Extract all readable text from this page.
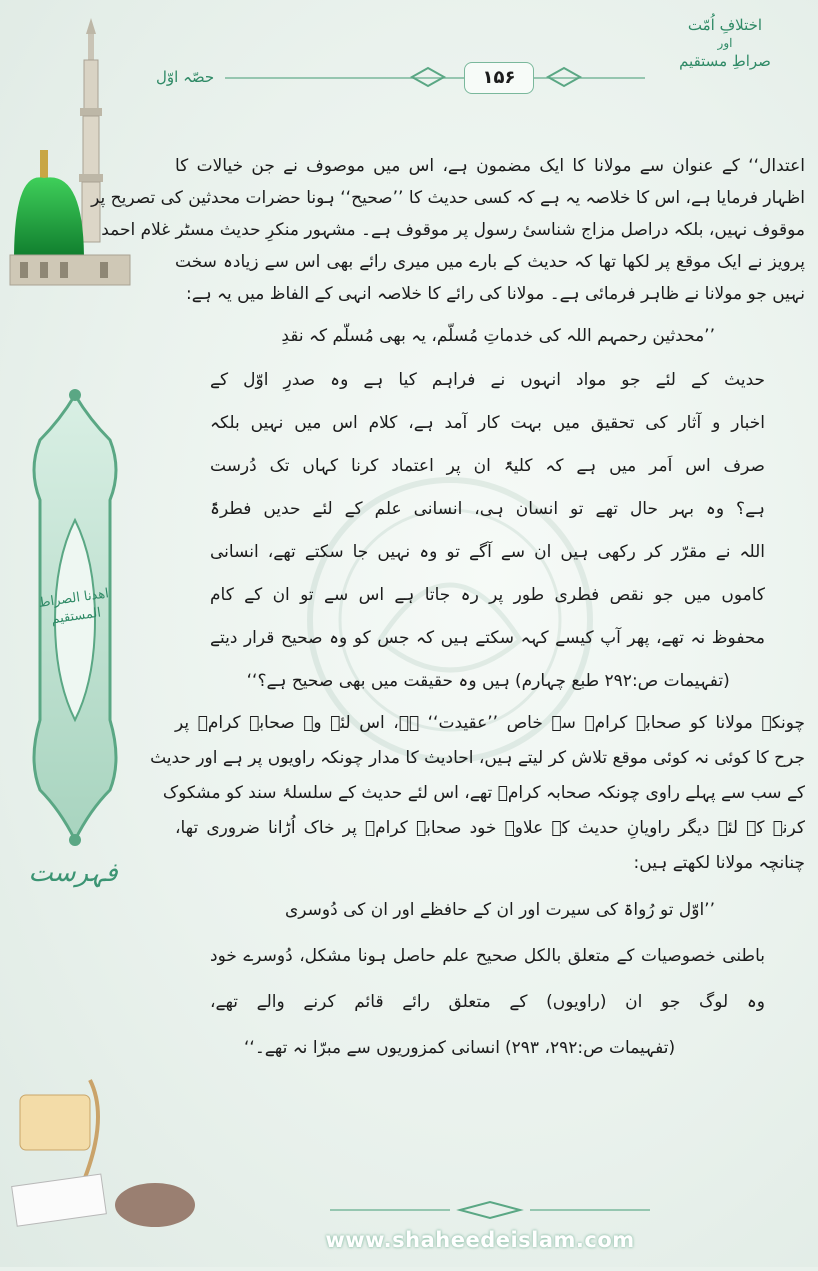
اھدنا الصراط
المستقیم
فہرست
اختلافِ اُمّت
اور
صراطِ مستقیم
حصّہ اوّل	۱۵۶
اعتدال‘‘ کے عنوان سے مولانا کا ایک مضمون ہے، اس میں موصوف نے جن خیالات کا
اظہار فرمایا ہے، اس کا خلاصہ یہ ہے کہ کسی حدیث کا ’’صحیح‘‘ ہونا حضرات محدثین کی تصریح پر
موقوف نہیں، بلکہ دراصل مزاج شناسیٔ رسول پر موقوف ہے۔ مشہور منکرِ حدیث مسٹر غلام احمد
پرویز نے ایک موقع پر لکھا تھا کہ حدیث کے بارے میں میری رائے بھی اس سے زیادہ سخت
نہیں جو مولانا نے ظاہر فرمائی ہے۔ مولانا کی رائے کا خلاصہ انہی کے الفاظ میں یہ ہے:
’’محدثین رحمہم اللہ کی خدماتِ مُسلّم، یہ بھی مُسلّم کہ نقدِ
حدیث کے لئے جو مواد انہوں نے فراہم کیا ہے وہ صدرِ اوّل کے
اخبار و آثار کی تحقیق میں بہت کار آمد ہے، کلام اس میں نہیں بلکہ
صرف اس اَمر میں ہے کہ کلیۃً ان پر اعتماد کرنا کہاں تک دُرست
ہے؟ وہ بہر حال تھے تو انسان ہی، انسانی علم کے لئے حدیں فطرۃً
اللہ نے مقرّر کر رکھی ہیں ان سے آگے تو وہ نہیں جا سکتے تھے، انسانی
کاموں میں جو نقص فطری طور پر رہ جاتا ہے اس سے تو ان کے کام
محفوظ نہ تھے، پھر آپ کیسے کہہ سکتے ہیں کہ جس کو وہ صحیح قرار دیتے
ہیں وہ حقیقت میں بھی صحیح ہے؟‘‘ (تفہیمات ص:۲۹۲ طبع چہارم)
چونکہ مولانا کو صحابہ کرامؓ سے خاص ’’عقیدت‘‘ ہے، اس لئے وہ صحابہ کرامؓ پر
جرح کا کوئی نہ کوئی موقع تلاش کر لیتے ہیں، احادیث کا مدار چونکہ راویوں پر ہے اور حدیث
کے سب سے پہلے راوی چونکہ صحابہ کرامؓ تھے، اس لئے حدیث کے سلسلۂ سند کو مشکوک
کرنے کے لئے دیگر راویانِ حدیث کے علاوہ خود صحابہ کرامؓ پر خاک اُڑانا ضروری تھا،
چنانچہ مولانا لکھتے ہیں:
’’اوّل تو رُواۃ کی سیرت اور ان کے حافظے اور ان کی دُوسری
باطنی خصوصیات کے متعلق بالکل صحیح علم حاصل ہونا مشکل، دُوسرے خود
وہ لوگ جو ان (راویوں) کے متعلق رائے قائم کرنے والے تھے،
انسانی کمزوریوں سے مبرّا نہ تھے۔‘‘ (تفہیمات ص:۲۹۲، ۲۹۳)
www.shaheedeislam.com
